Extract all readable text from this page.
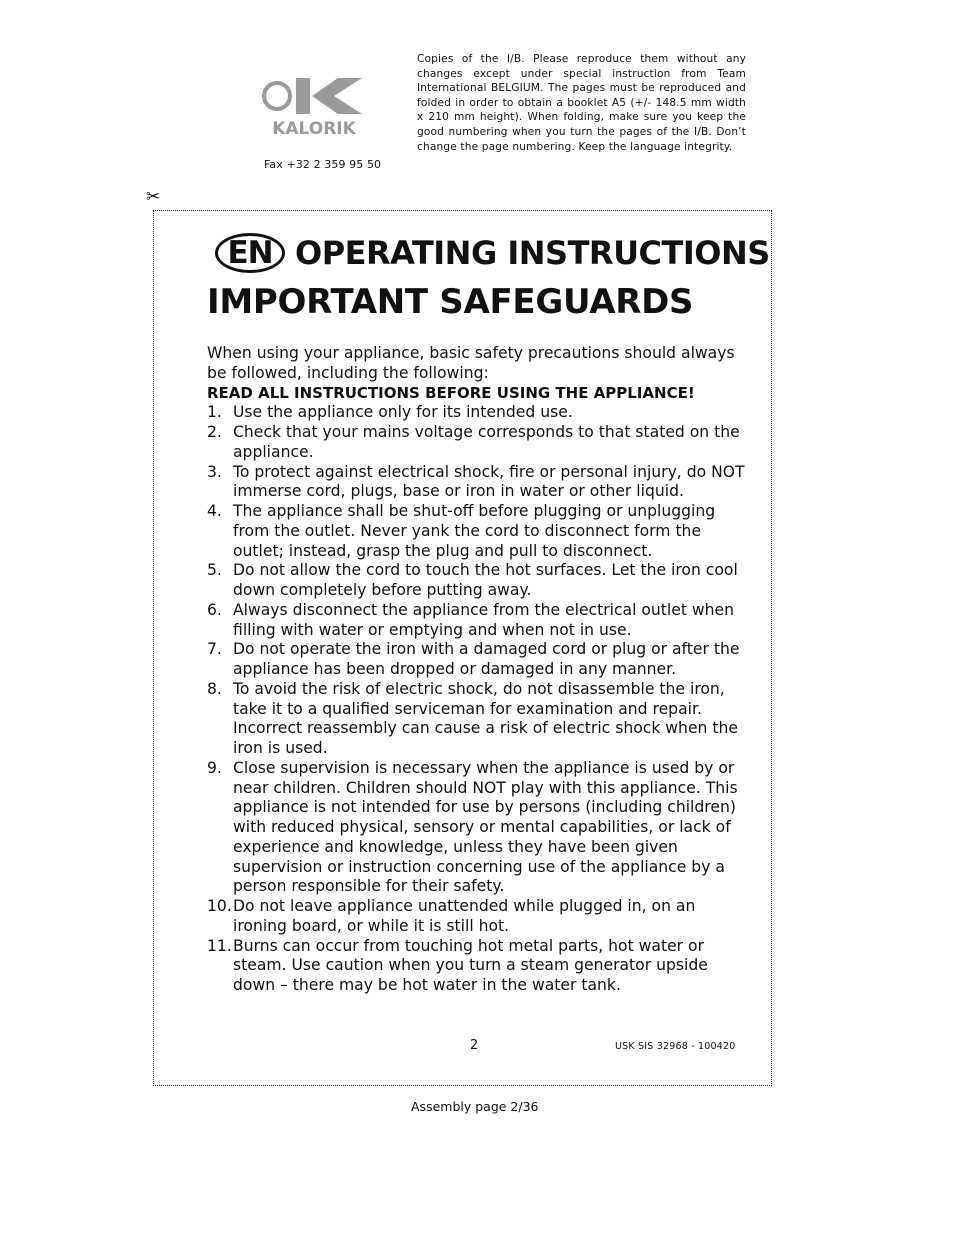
KALORIK
Fax +32 2 359 95 50
Copies of the I/B. Please reproduce them without any changes except under special instruction from Team International BELGIUM. The pages must be reproduced and folded in order to obtain a booklet A5 (+/- 148.5 mm width x 210 mm height). When folding, make sure you keep the good numbering when you turn the pages of the I/B. Don’t change the page numbering. Keep the language integrity.
✂
EN OPERATING INSTRUCTIONS
IMPORTANT SAFEGUARDS

When using your appliance, basic safety precautions should always be followed, including the following:

READ ALL INSTRUCTIONS BEFORE USING THE APPLIANCE!

1. Use the appliance only for its intended use.
2. Check that your mains voltage corresponds to that stated on the appliance.
3. To protect against electrical shock, fire or personal injury, do NOT immerse cord, plugs, base or iron in water or other liquid.
4. The appliance shall be shut-off before plugging or unplugging from the outlet. Never yank the cord to disconnect form the outlet; instead, grasp the plug and pull to disconnect.
5. Do not allow the cord to touch the hot surfaces. Let the iron cool down completely before putting away.
6. Always disconnect the appliance from the electrical outlet when filling with water or emptying and when not in use.
7. Do not operate the iron with a damaged cord or plug or after the appliance has been dropped or damaged in any manner.
8. To avoid the risk of electric shock, do not disassemble the iron, take it to a qualified serviceman for examination and repair. Incorrect reassembly can cause a risk of electric shock when the iron is used.
9. Close supervision is necessary when the appliance is used by or near children. Children should NOT play with this appliance. This appliance is not intended for use by persons (including children) with reduced physical, sensory or mental capabilities, or lack of experience and knowledge, unless they have been given supervision or instruction concerning use of the appliance by a person responsible for their safety.
10. Do not leave appliance unattended while plugged in, on an ironing board, or while it is still hot.
11. Burns can occur from touching hot metal parts, hot water or steam. Use caution when you turn a steam generator upside down – there may be hot water in the water tank.
2	USK SIS 32968 - 100420
Assembly page 2/36
